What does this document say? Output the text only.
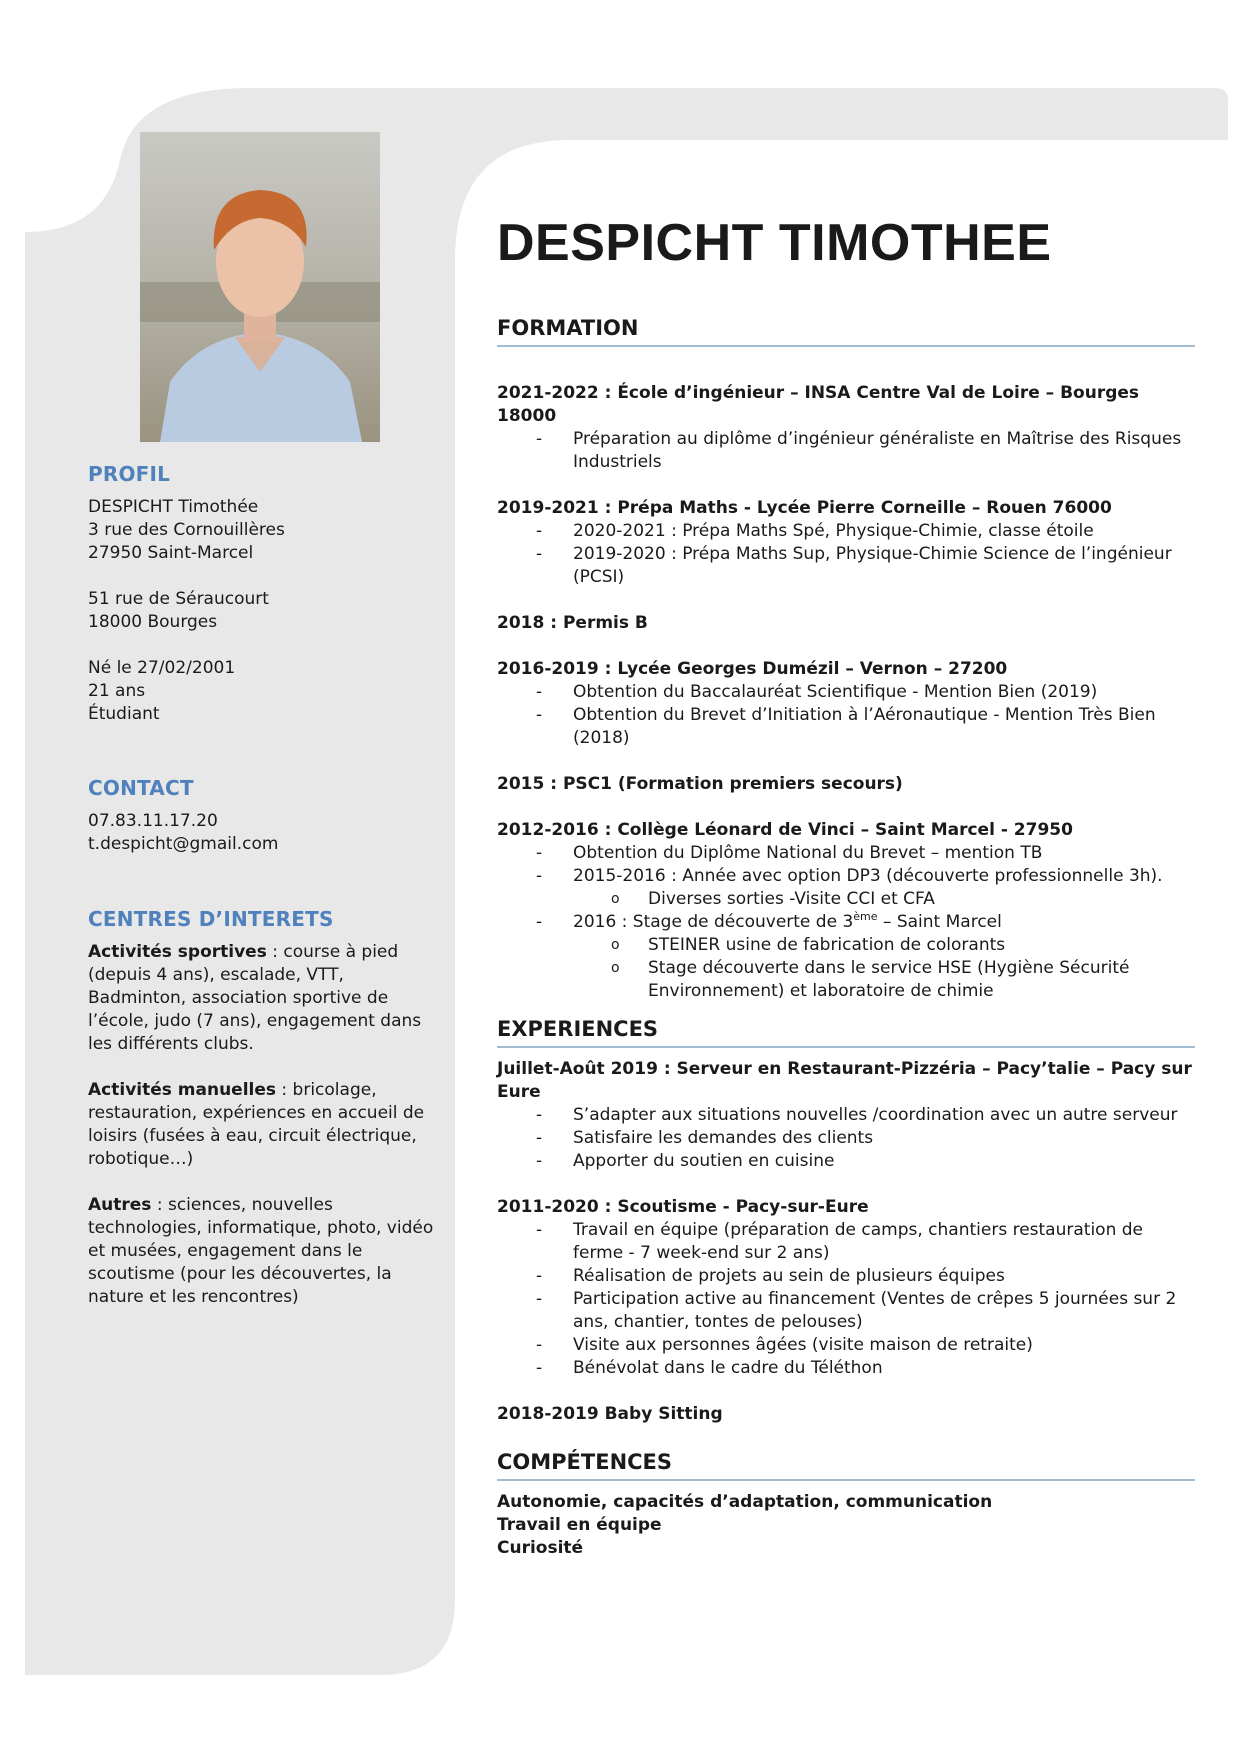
PROFIL

DESPICHT Timothée

3 rue des Cornouillères

27950 Saint-Marcel

51 rue de Séraucourt

18000 Bourges

Né le 27/02/2001

21 ans

Étudiant

CONTACT

07.83.11.17.20

t.despicht@gmail.com

CENTRES D’INTERETS

Activités sportives : course à pied (depuis 4 ans), escalade, VTT, Badminton, association sportive de l’école, judo (7 ans), engagement dans les différents clubs.

Activités manuelles : bricolage, restauration, expériences en accueil de loisirs (fusées à eau, circuit électrique, robotique…)

Autres : sciences, nouvelles technologies, informatique, photo, vidéo et musées, engagement dans le scoutisme (pour les découvertes, la nature et les rencontres)

DESPICHT TIMOTHEE
FORMATION

2021-2022 : École d’ingénieur – INSA Centre Val de Loire – Bourges 18000

- Préparation au diplôme d’ingénieur généraliste en Maîtrise des Risques Industriels

2019-2021 : Prépa Maths - Lycée Pierre Corneille – Rouen 76000

- 2020-2021 : Prépa Maths Spé, Physique-Chimie, classe étoile
- 2019-2020 : Prépa Maths Sup, Physique-Chimie Science de l’ingénieur (PCSI)

2018 : Permis B

2016-2019 : Lycée Georges Dumézil – Vernon – 27200

- Obtention du Baccalauréat Scientifique - Mention Bien (2019)
- Obtention du Brevet d’Initiation à l’Aéronautique - Mention Très Bien (2018)

2015 : PSC1 (Formation premiers secours)

2012-2016 : Collège Léonard de Vinci – Saint Marcel - 27950

- Obtention du Diplôme National du Brevet – mention TB
- 2015-2016 : Année avec option DP3 (découverte professionnelle 3h).
o Diverses sorties -Visite CCI et CFA
- 2016 : Stage de découverte de 3ème – Saint Marcel
o STEINER usine de fabrication de colorants
o Stage découverte dans le service HSE (Hygiène Sécurité Environnement) et laboratoire de chimie
EXPERIENCES

Juillet-Août 2019 : Serveur en Restaurant-Pizzéria – Pacy’talie – Pacy sur Eure

- S’adapter aux situations nouvelles /coordination avec un autre serveur
- Satisfaire les demandes des clients
- Apporter du soutien en cuisine

2011-2020 : Scoutisme - Pacy-sur-Eure

- Travail en équipe (préparation de camps, chantiers restauration de ferme - 7 week-end sur 2 ans)
- Réalisation de projets au sein de plusieurs équipes
- Participation active au financement (Ventes de crêpes 5 journées sur 2 ans, chantier, tontes de pelouses)
- Visite aux personnes âgées (visite maison de retraite)
- Bénévolat dans le cadre du Téléthon

2018-2019 Baby Sitting

COMPÉTENCES

Autonomie, capacités d’adaptation, communication

Travail en équipe

Curiosité
